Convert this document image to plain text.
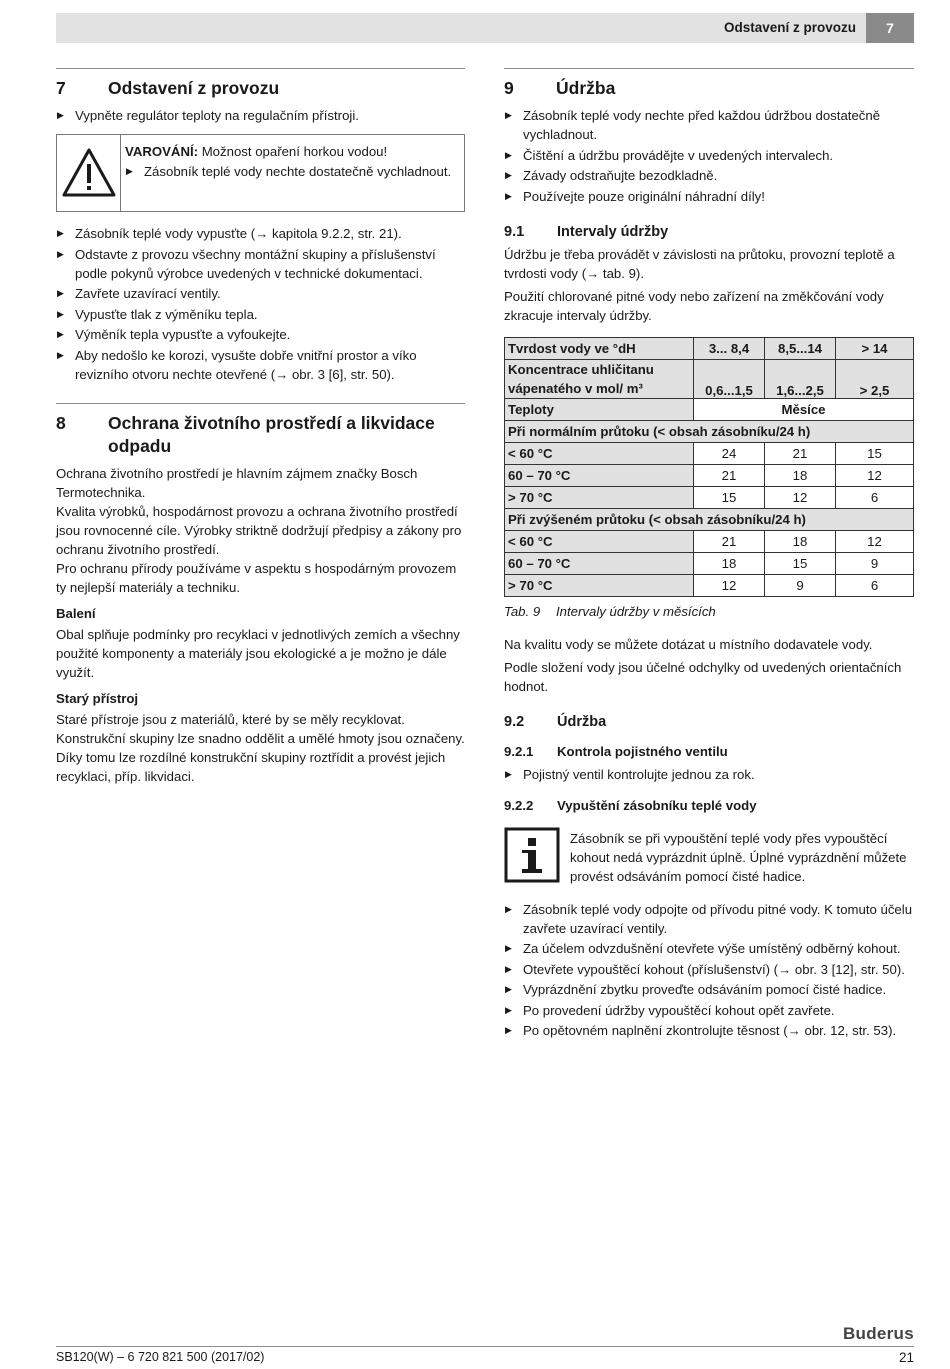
Odstavení z provozu	7
7	Odstavení z provozu
▶ Vypněte regulátor teploty na regulačním přístroji.

VAROVÁNÍ: Možnost opaření horkou vodou!

▶ Zásobník teplé vody nechte dostatečně vychladnout.
▶ Zásobník teplé vody vypusťte (→ kapitola 9.2.2, str. 21).
▶ Odstavte z provozu všechny montážní skupiny a příslušenství podle pokynů výrobce uvedených v technické dokumentaci.
▶ Zavřete uzavírací ventily.
▶ Vypusťte tlak z výměníku tepla.
▶ Výměník tepla vypusťte a vyfoukejte.
▶ Aby nedošlo ke korozi, vysušte dobře vnitřní prostor a víko revizního otvoru nechte otevřené (→ obr. 3 [6], str. 50).
8	Ochrana životního prostředí a likvidace odpadu

Ochrana životního prostředí je hlavním zájmem značky Bosch Termotechnika.

Kvalita výrobků, hospodárnost provozu a ochrana životního prostředí jsou rovnocenné cíle. Výrobky striktně dodržují předpisy a zákony pro ochranu životního prostředí.

Pro ochranu přírody používáme v aspektu s hospodárným provozem ty nejlepší materiály a techniku.

Balení

Obal splňuje podmínky pro recyklaci v jednotlivých zemích a všechny použité komponenty a materiály jsou ekologické a je možno je dále využít.

Starý přístroj

Staré přístroje jsou z materiálů, které by se měly recyklovat. Konstrukční skupiny lze snadno oddělit a umělé hmoty jsou označeny. Díky tomu lze rozdílné konstrukční skupiny roztřídit a provést jejich recyklaci, příp. likvidaci.

9	Údržba
▶ Zásobník teplé vody nechte před každou údržbou dostatečně vychladnout.
▶ Čištění a údržbu provádějte v uvedených intervalech.
▶ Závady odstraňujte bezodkladně.
▶ Používejte pouze originální náhradní díly!
9.1	Intervaly údržby

Údržbu je třeba provádět v závislosti na průtoku, provozní teplotě a tvrdosti vody (→ tab. 9).

Použití chlorované pitné vody nebo zařízení na změkčování vody zkracuje intervaly údržby.

Tvrdost vody ve °dH	3... 8,4	8,5...14	> 14
Koncentrace uhličitanu vápenatého v mol/ m³	0,6...1,5	1,6...2,5	> 2,5
Teploty	Měsíce		
Při normálním průtoku (< obsah zásobníku/24 h)			
< 60 °C	24	21	15
60 – 70 °C	21	18	12
> 70 °C	15	12	6
Při zvýšeném průtoku (< obsah zásobníku/24 h)			
< 60 °C	21	18	12
60 – 70 °C	18	15	9
> 70 °C	12	9	6
Tab. 9	Intervaly údržby v měsících

Na kvalitu vody se můžete dotázat u místního dodavatele vody.

Podle složení vody jsou účelné odchylky od uvedených orientačních hodnot.

9.2	Údržba
9.2.1	Kontrola pojistného ventilu
▶ Pojistný ventil kontrolujte jednou za rok.
9.2.2	Vypuštění zásobníku teplé vody

Zásobník se při vypouštění teplé vody přes vypouštěcí kohout nedá vyprázdnit úplně. Úplné vyprázdnění můžete provést odsáváním pomocí čisté hadice.

▶ Zásobník teplé vody odpojte od přívodu pitné vody. K tomuto účelu zavřete uzavírací ventily.
▶ Za účelem odvzdušnění otevřete výše umístěný odběrný kohout.
▶ Otevřete vypouštěcí kohout (příslušenství) (→ obr. 3 [12], str. 50).
▶ Vyprázdnění zbytku proveďte odsáváním pomocí čisté hadice.
▶ Po provedení údržby vypouštěcí kohout opět zavřete.
▶ Po opětovném naplnění zkontrolujte těsnost (→ obr. 12, str. 53).
Buderus
SB120(W) – 6 720 821 500 (2017/02)	21
